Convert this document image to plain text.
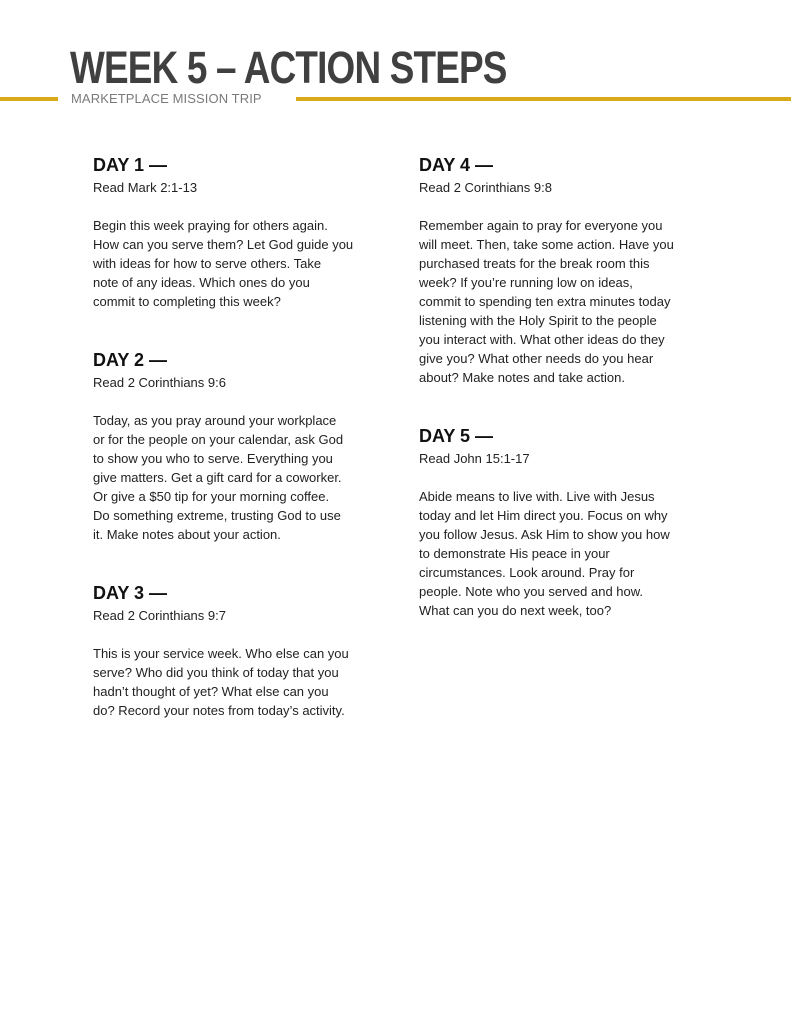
WEEK 5 – ACTION STEPS
MARKETPLACE MISSION TRIP
DAY 1 —
Read Mark 2:1-13
Begin this week praying for others again.
How can you serve them? Let God guide you
with ideas for how to serve others. Take
note of any ideas. Which ones do you
commit to completing this week?
DAY 2 —
Read 2 Corinthians 9:6
Today, as you pray around your workplace
or for the people on your calendar, ask God
to show you who to serve. Everything you
give matters. Get a gift card for a coworker.
Or give a $50 tip for your morning coffee.
Do something extreme, trusting God to use
it. Make notes about your action.
DAY 3 —
Read 2 Corinthians 9:7
This is your service week. Who else can you
serve? Who did you think of today that you
hadn’t thought of yet? What else can you
do? Record your notes from today’s activity.
DAY 4 —
Read 2 Corinthians 9:8
Remember again to pray for everyone you
will meet. Then, take some action. Have you
purchased treats for the break room this
week? If you’re running low on ideas,
commit to spending ten extra minutes today
listening with the Holy Spirit to the people
you interact with. What other ideas do they
give you? What other needs do you hear
about? Make notes and take action.
DAY 5 —
Read John 15:1-17
Abide means to live with. Live with Jesus
today and let Him direct you. Focus on why
you follow Jesus. Ask Him to show you how
to demonstrate His peace in your
circumstances. Look around. Pray for
people. Note who you served and how.
What can you do next week, too?
